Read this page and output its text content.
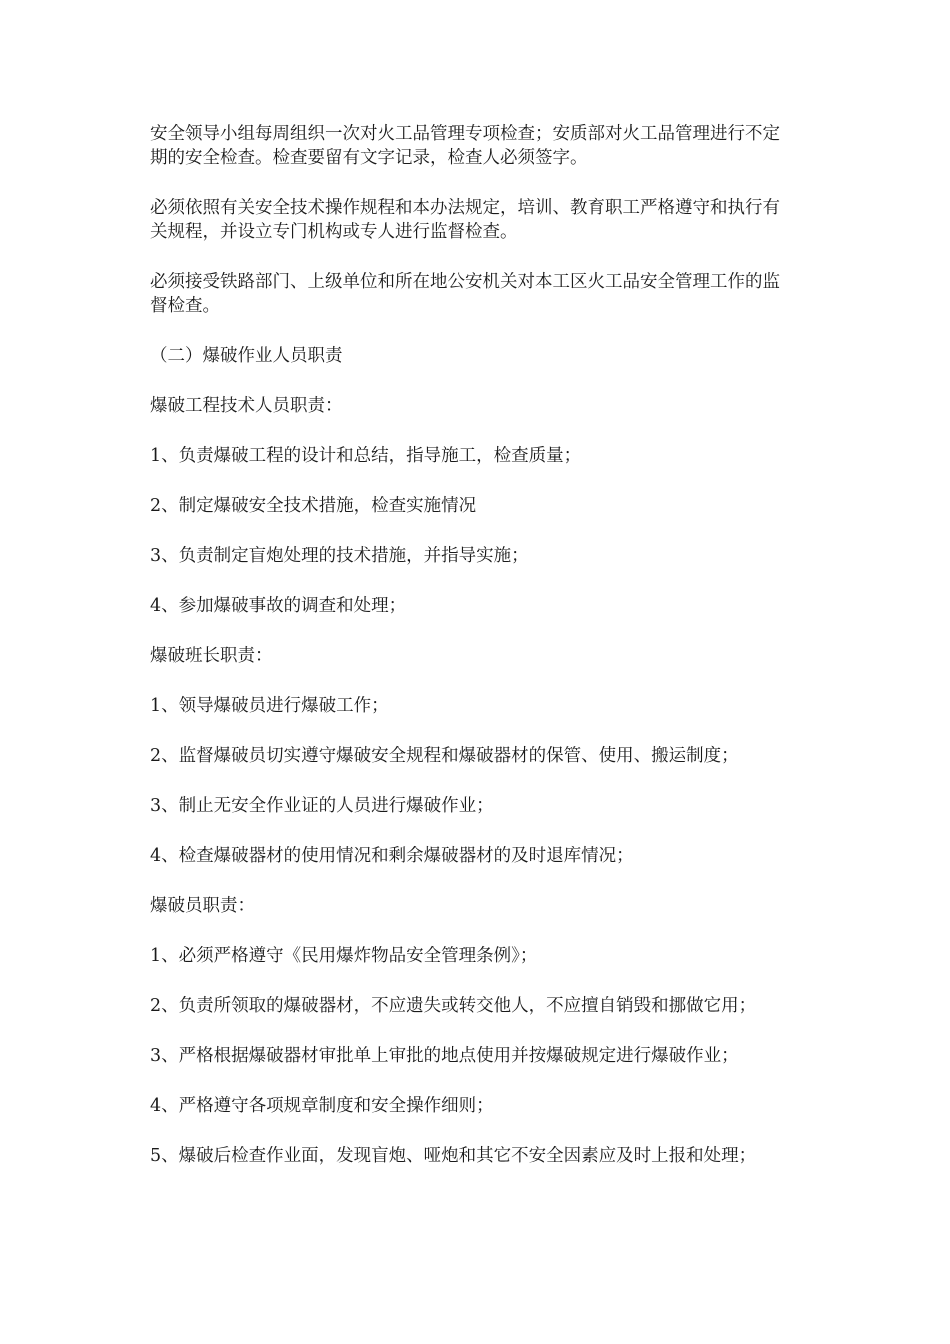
安全领导小组每周组织一次对火工品管理专项检查；安质部对火工品管理进行不定期的安全检查。检查要留有文字记录，检查人必须签字。

必须依照有关安全技术操作规程和本办法规定，培训、教育职工严格遵守和执行有关规程，并设立专门机构或专人进行监督检查。

必须接受铁路部门、上级单位和所在地公安机关对本工区火工品安全管理工作的监督检查。

（二）爆破作业人员职责

爆破工程技术人员职责：

1、负责爆破工程的设计和总结，指导施工，检查质量；

2、制定爆破安全技术措施，检查实施情况

3、负责制定盲炮处理的技术措施，并指导实施；

4、参加爆破事故的调查和处理；

爆破班长职责：

1、领导爆破员进行爆破工作；

2、监督爆破员切实遵守爆破安全规程和爆破器材的保管、使用、搬运制度；

3、制止无安全作业证的人员进行爆破作业；

4、检查爆破器材的使用情况和剩余爆破器材的及时退库情况；

爆破员职责：

1、必须严格遵守《民用爆炸物品安全管理条例》；

2、负责所领取的爆破器材，不应遗失或转交他人，不应擅自销毁和挪做它用；

3、严格根据爆破器材审批单上审批的地点使用并按爆破规定进行爆破作业；

4、严格遵守各项规章制度和安全操作细则；

5、爆破后检查作业面，发现盲炮、哑炮和其它不安全因素应及时上报和处理；
